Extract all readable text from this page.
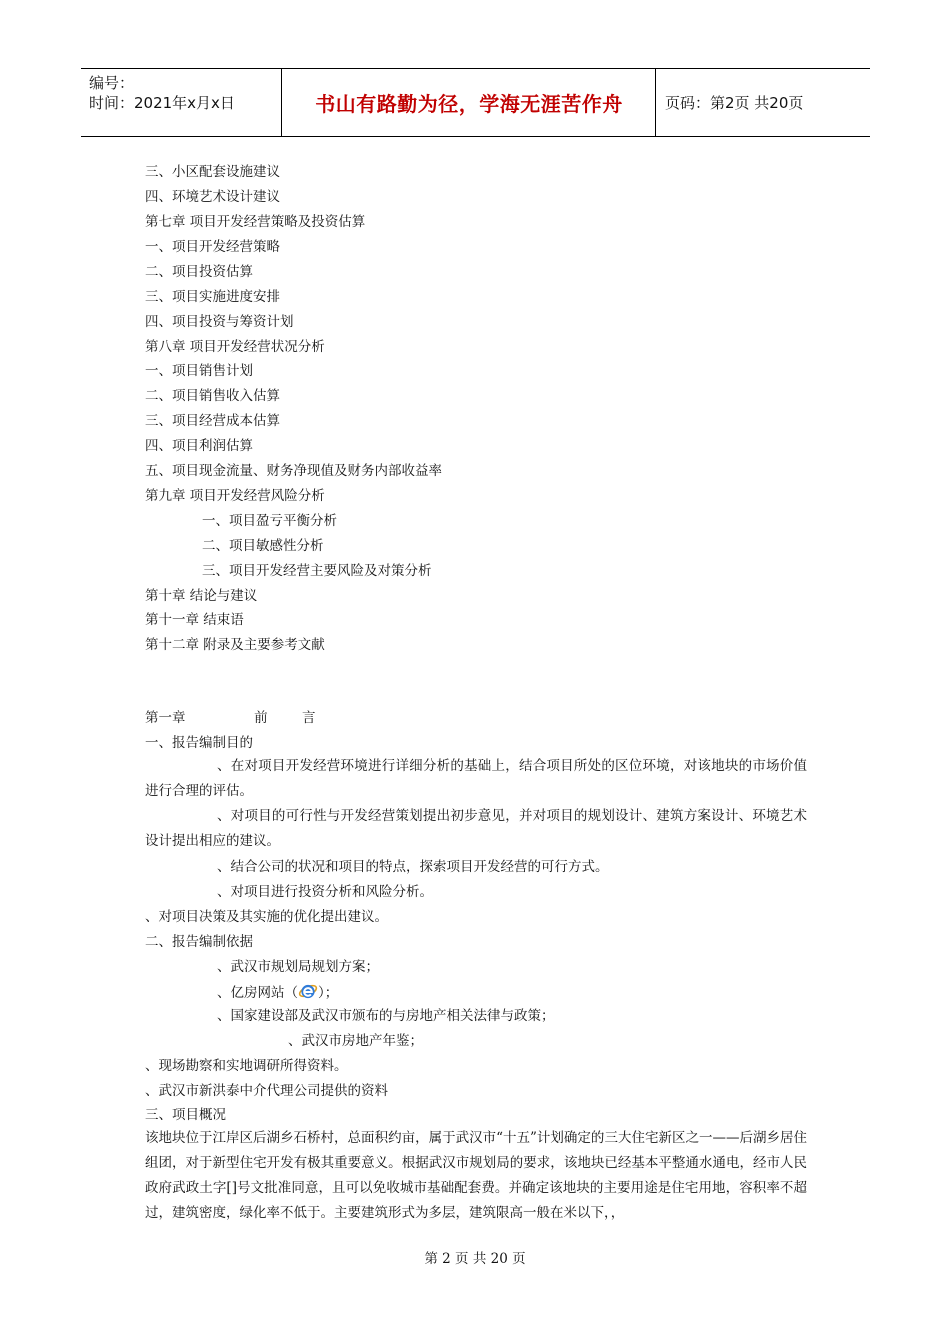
编号：
时间：2021年x月x日	书山有路勤为径，学海无涯苦作舟	页码：第2页 共20页
三、小区配套设施建议
四、环境艺术设计建议
第七章 项目开发经营策略及投资估算
一、项目开发经营策略
二、项目投资估算
三、项目实施进度安排
四、项目投资与筹资计划
第八章 项目开发经营状况分析
一、项目销售计划
二、项目销售收入估算
三、项目经营成本估算
四、项目利润估算
五、项目现金流量、财务净现值及财务内部收益率
第九章 项目开发经营风险分析
一、项目盈亏平衡分析
二、项目敏感性分析
三、项目开发经营主要风险及对策分析
第十章 结论与建议
第十一章 结束语
第十二章 附录及主要参考文献
第一章                前        言
一、报告编制目的
、在对项目开发经营环境进行详细分析的基础上，结合项目所处的区位环境，对该地块的市场价值进行合理的评估。
、对项目的可行性与开发经营策划提出初步意见，并对项目的规划设计、建筑方案设计、环境艺术设计提出相应的建议。
、结合公司的状况和项目的特点，探索项目开发经营的可行方式。
、对项目进行投资分析和风险分析。
、对项目决策及其实施的优化提出建议。
二、报告编制依据
、武汉市规划局规划方案；
、亿房网站（ ）；
、国家建设部及武汉市颁布的与房地产相关法律与政策；
、武汉市房地产年鉴；
、现场勘察和实地调研所得资料。
、武汉市新洪泰中介代理公司提供的资料
三、项目概况
该地块位于江岸区后湖乡石桥村，总面积约亩，属于武汉市“十五”计划确定的三大住宅新区之一——后湖乡居住组团，对于新型住宅开发有极其重要意义。根据武汉市规划局的要求，该地块已经基本平整通水通电，经市人民政府武政土字[]号文批准同意，且可以免收城市基础配套费。并确定该地块的主要用途是住宅用地，容积率不超过，建筑密度，绿化率不低于。主要建筑形式为多层，建筑限高一般在米以下，，
第 2 页 共 20 页
